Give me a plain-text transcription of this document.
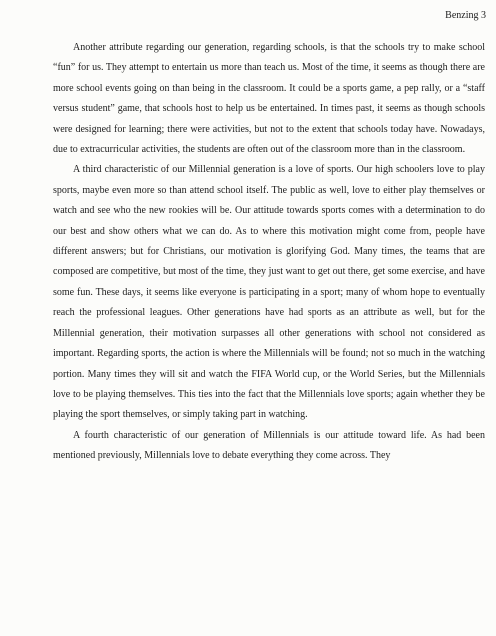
Benzing 3

Another attribute regarding our generation, regarding schools, is that the schools try to make school “fun” for us. They attempt to entertain us more than teach us. Most of the time, it seems as though there are more school events going on than being in the classroom. It could be a sports game, a pep rally, or a “staff versus student” game, that schools host to help us be entertained. In times past, it seems as though schools were designed for learning; there were activities, but not to the extent that schools today have. Nowadays, due to extracurricular activities, the students are often out of the classroom more than in the classroom.

A third characteristic of our Millennial generation is a love of sports. Our high schoolers love to play sports, maybe even more so than attend school itself. The public as well, love to either play themselves or watch and see who the new rookies will be. Our attitude towards sports comes with a determination to do our best and show others what we can do. As to where this motivation might come from, people have different answers; but for Christians, our motivation is glorifying God. Many times, the teams that are composed are competitive, but most of the time, they just want to get out there, get some exercise, and have some fun. These days, it seems like everyone is participating in a sport; many of whom hope to eventually reach the professional leagues. Other generations have had sports as an attribute as well, but for the Millennial generation, their motivation surpasses all other generations with school not considered as important. Regarding sports, the action is where the Millennials will be found; not so much in the watching portion. Many times they will sit and watch the FIFA World cup, or the World Series, but the Millennials love to be playing themselves. This ties into the fact that the Millennials love sports; again whether they be playing the sport themselves, or simply taking part in watching.

A fourth characteristic of our generation of Millennials is our attitude toward life. As had been mentioned previously, Millennials love to debate everything they come across. They
